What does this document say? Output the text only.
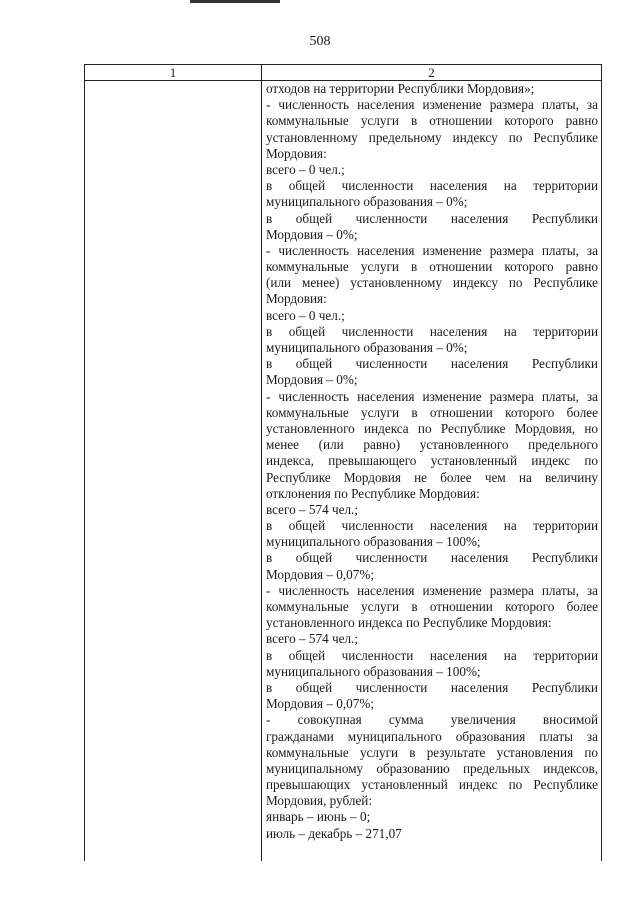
508
1	2
отходов на территории Республики Мордовия»;
- численность населения изменение размера платы, за
коммунальные услуги в отношении которого равно
установленному предельному индексу по Республике
Мордовия:
всего – 0 чел.;
в общей численности населения на территории
муниципального образования – 0%;
в общей численности населения Республики
Мордовия – 0%;
- численность населения изменение размера платы, за
коммунальные услуги в отношении которого равно
(или менее) установленному индексу по Республике
Мордовия:
всего – 0 чел.;
в общей численности населения на территории
муниципального образования – 0%;
в общей численности населения Республики
Мордовия – 0%;
- численность населения изменение размера платы, за
коммунальные услуги в отношении которого более
установленного индекса по Республике Мордовия, но
менее (или равно) установленного предельного
индекса, превышающего установленный индекс по
Республике Мордовия не более чем на величину
отклонения по Республике Мордовия:
всего – 574 чел.;
в общей численности населения на территории
муниципального образования – 100%;
в общей численности населения Республики
Мордовия – 0,07%;
- численность населения изменение размера платы, за
коммунальные услуги в отношении которого более
установленного индекса по Республике Мордовия:
всего – 574 чел.;
в общей численности населения на территории
муниципального образования – 100%;
в общей численности населения Республики
Мордовия – 0,07%;
- совокупная сумма увеличения вносимой
гражданами муниципального образования платы за
коммунальные услуги в результате установления по
муниципальному образованию предельных индексов,
превышающих установленный индекс по Республике
Мордовия, рублей:
январь – июнь – 0;
июль – декабрь – 271,07
